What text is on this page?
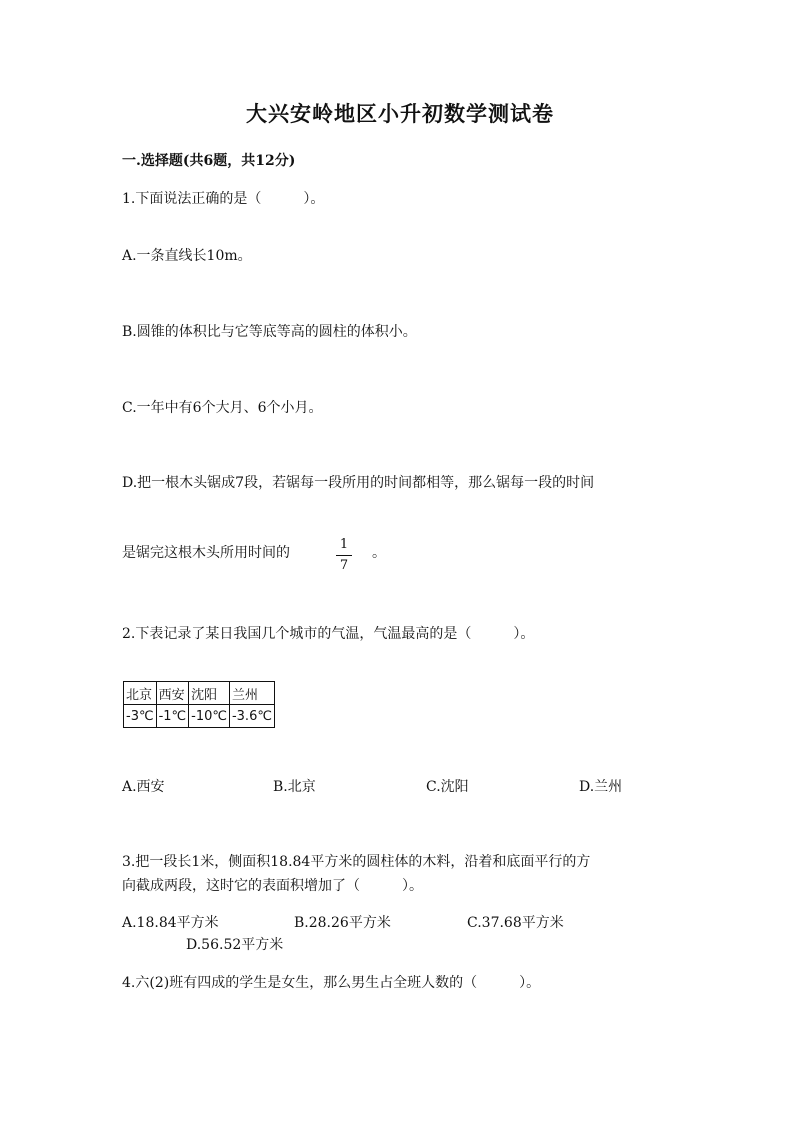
大兴安岭地区小升初数学测试卷
一.选择题(共6题，共12分)
1.下面说法正确的是（　　　）。
A.一条直线长10m。
B.圆锥的体积比与它等底等高的圆柱的体积小。
C.一年中有6个大月、6个小月。
D.把一根木头锯成7段，若锯每一段所用的时间都相等，那么锯每一段的时间
是锯完这根木头所用时间的
1
7
。
2.下表记录了某日我国几个城市的气温，气温最高的是（　　　）。
北京	西安	沈阳	兰州
-3℃	-1℃	-10℃	-3.6℃
A.西安	B.北京	C.沈阳	D.兰州
3.把一段长1米，侧面积18.84平方米的圆柱体的木料，沿着和底面平行的方
向截成两段，这时它的表面积增加了（　　　）。
A.18.84平方米	B.28.26平方米	C.37.68平方米
D.56.52平方米
4.六(2)班有四成的学生是女生，那么男生占全班人数的（　　　）。
